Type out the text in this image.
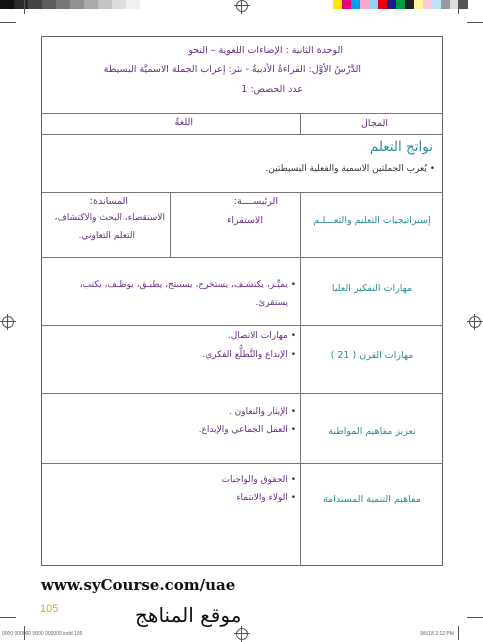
الوحدة الثانية : الإضاءات اللغوية – النحو
الدَّرْسُ الأوَّل: القراءةُ الأدبيةُ - نثر: إعراب الجملة الاسميَّة البسيطة
عدد الحصص: 1
المجال
اللغةُ
نواتج التعلم
• يُعرب الجملتين الاسمية والفعلية البسيطتين.
إستراتيجيات التعليم والتعـــلـم
الرئيســــة:
الاستقراء
المساندة:
الاستقصاء، البحث والاكتشاف،
التعلم التعاوني.
مهارات التفكير العليا
• يميِّـز، يكتشـف، يستخرج، يستنتج، يطبـق، يوظـف، يكتب،
يستقرئ.
مهارات القرن ( 21 )
• مهارات الاتصال.
• الإبداع والتَّطلُّع الفكري.
تعزيز مفاهيم المواطنة
• الإيثار والتعاون .
• العمل الجماعي والإبداع.
مفاهيم التنمية المستدامة
• الحقوق والواجبات
• الولاء والانتماء
www.syCourse.com/uae
105	موقع المناهج
0000 000000 0000 000000.indd 105	9/6/18 2:12 PM
